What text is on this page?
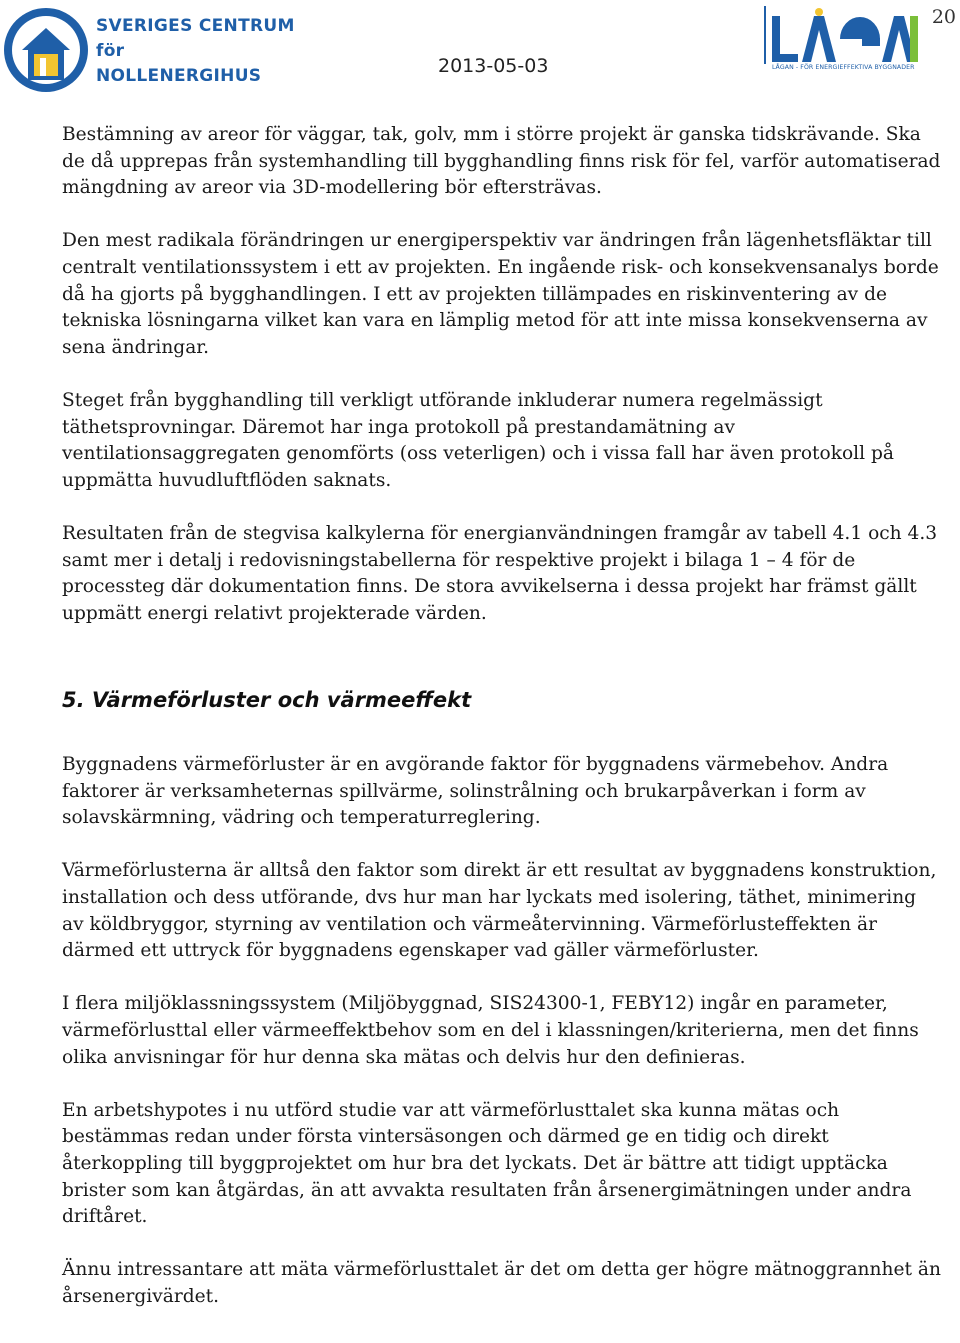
20
SVERIGES CENTRUM
för
NOLLENERGIHUS	2013-05-03	LÅGAN - FÖR ENERGIEFFEKTIVA BYGGNADER

Bestämning av areor för väggar, tak, golv, mm i större projekt är ganska tidskrävande. Ska de då upprepas från systemhandling till bygghandling finns risk för fel, varför automatiserad mängdning av areor via 3D-modellering bör eftersträvas.

Den mest radikala förändringen ur energiperspektiv var ändringen från lägenhetsfläktar till centralt ventilationssystem i ett av projekten. En ingående risk- och konsekvensanalys borde då ha gjorts på bygghandlingen. I ett av projekten tillämpades en riskinventering av de tekniska lösningarna vilket kan vara en lämplig metod för att inte missa konsekvenserna av sena ändringar.

Steget från bygghandling till verkligt utförande inkluderar numera regelmässigt täthetsprovningar. Däremot har inga protokoll på prestandamätning av ventilationsaggregaten genomförts (oss veterligen) och i vissa fall har även protokoll på uppmätta huvudluftflöden saknats.

Resultaten från de stegvisa kalkylerna för energianvändningen framgår av tabell 4.1 och 4.3 samt mer i detalj i redovisningstabellerna för respektive projekt i bilaga 1 – 4 för de processteg där dokumentation finns. De stora avvikelserna i dessa projekt har främst gällt uppmätt energi relativt projekterade värden.

5. Värmeförluster och värmeeffekt

Byggnadens värmeförluster är en avgörande faktor för byggnadens värmebehov. Andra faktorer är verksamheternas spillvärme, solinstrålning och brukarpåverkan i form av solavskärmning, vädring och temperaturreglering.

Värmeförlusterna är alltså den faktor som direkt är ett resultat av byggnadens konstruktion, installation och dess utförande, dvs hur man har lyckats med isolering, täthet, minimering av köldbryggor, styrning av ventilation och värmeåtervinning. Värmeförlusteffekten är därmed ett uttryck för byggnadens egenskaper vad gäller värmeförluster.

I flera miljöklassningssystem (Miljöbyggnad, SIS24300-1, FEBY12) ingår en parameter, värmeförlusttal eller värmeeffektbehov som en del i klassningen/kriterierna, men det finns olika anvisningar för hur denna ska mätas och delvis hur den definieras.

En arbetshypotes i nu utförd studie var att värmeförlusttalet ska kunna mätas och bestämmas redan under första vintersäsongen och därmed ge en tidig och direkt återkoppling till byggprojektet om hur bra det lyckats. Det är bättre att tidigt upptäcka brister som kan åtgärdas, än att avvakta resultaten från årsenergimätningen under andra driftåret.

Ännu intressantare att mäta värmeförlusttalet är det om detta ger högre mätnoggrannhet än årsenergivärdet.
